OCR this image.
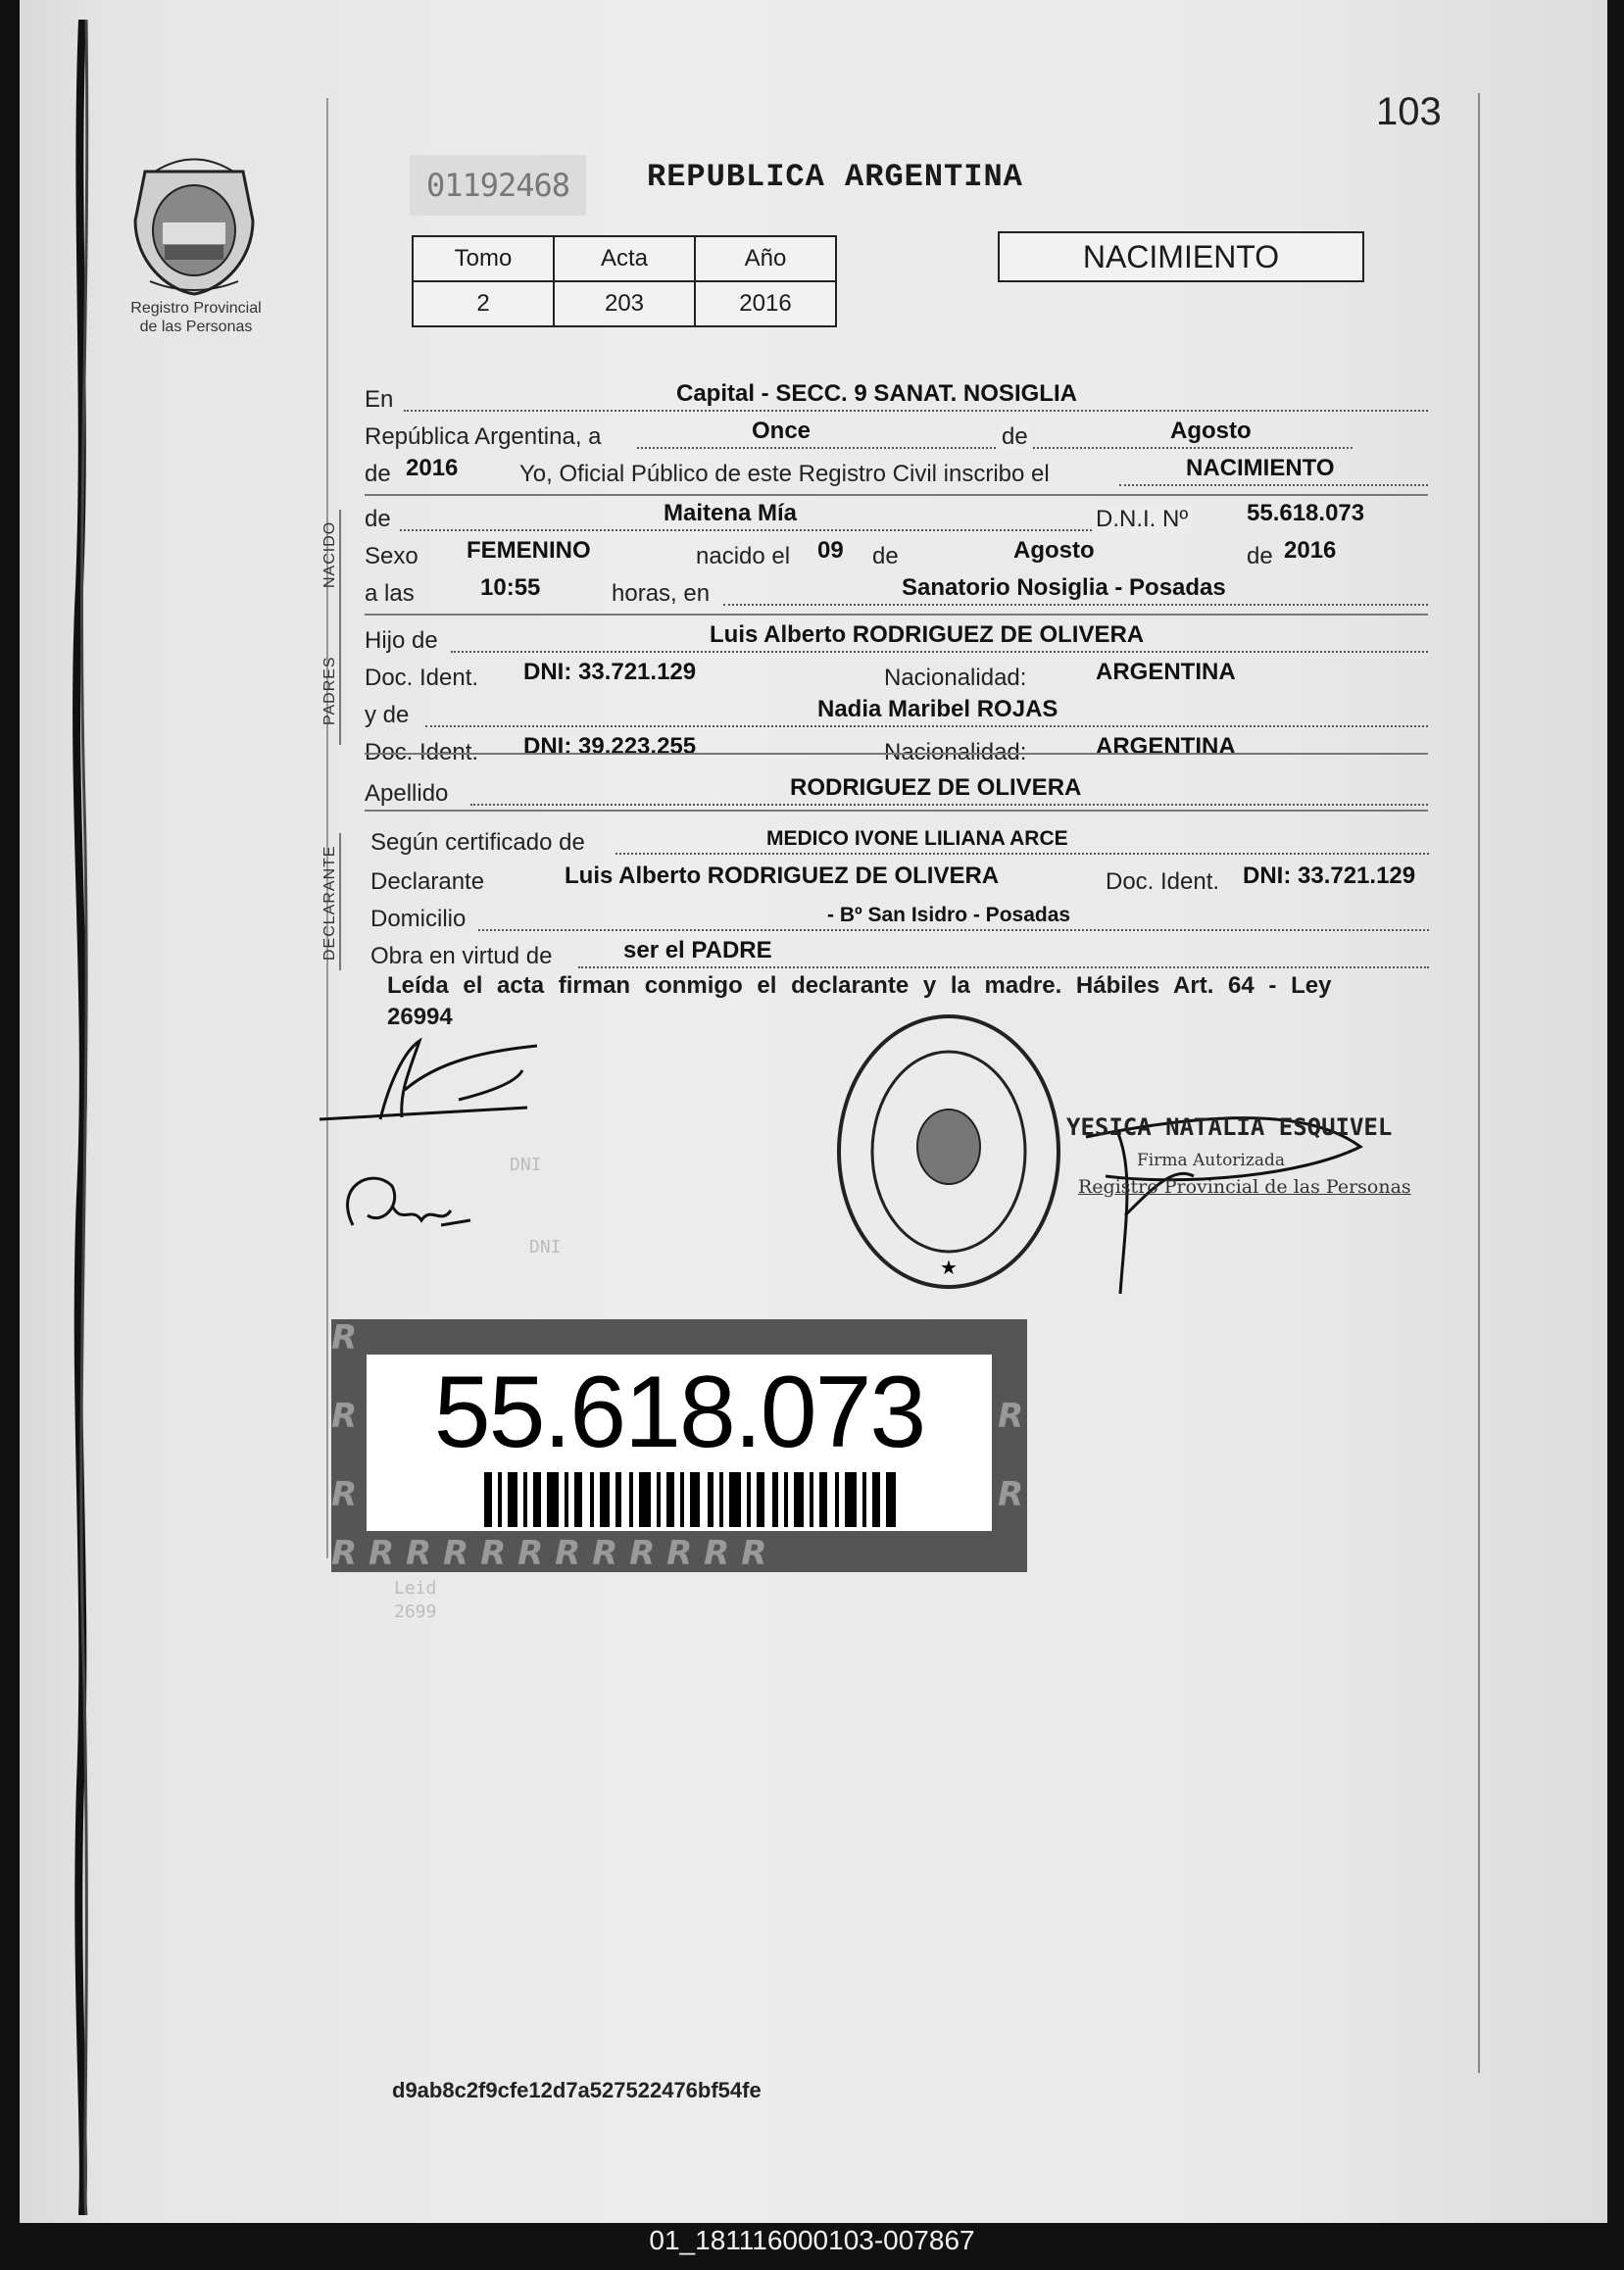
103
Registro Provincial
de las Personas
01192468	REPUBLICA ARGENTINA
Tomo	Acta	Año
2	203	2016
NACIMIENTO
En	Capital - SECC. 9 SANAT. NOSIGLIA
República Argentina, a	Once	de	Agosto
de 2016	Yo, Oficial Público de este Registro Civil inscribo el	NACIMIENTO
NACIDO
de	Maitena Mía	D.N.I. Nº 55.618.073
Sexo FEMENINO	nacido el 09 de	Agosto	de 2016
a las	10:55	horas, en	Sanatorio Nosiglia - Posadas
PADRES
Hijo de	Luis Alberto RODRIGUEZ DE OLIVERA
Doc. Ident. DNI: 33.721.129	Nacionalidad:	ARGENTINA
y de	Nadia Maribel ROJAS
Doc. Ident. DNI: 39.223.255	Nacionalidad:	ARGENTINA
Apellido	RODRIGUEZ DE OLIVERA
DECLARANTE
Según certificado de	MEDICO IVONE LILIANA ARCE
Declarante	Luis Alberto RODRIGUEZ DE OLIVERA	Doc. Ident. DNI: 33.721.129
Domicilio	- Bº San Isidro - Posadas
Obra en virtud de	ser el PADRE
Leída el acta firman conmigo el declarante y la madre. Hábiles Art. 64 - Ley 26994
DNI
DNI
Leid
2699
★
YESICA NATALIA ESQUIVEL
Firma Autorizada
Registro Provincial de las Personas
R
R R R R R R R R R R R R
R
R
R
R
55.618.073
d9ab8c2f9cfe12d7a527522476bf54fe
01_181116000103-007867
